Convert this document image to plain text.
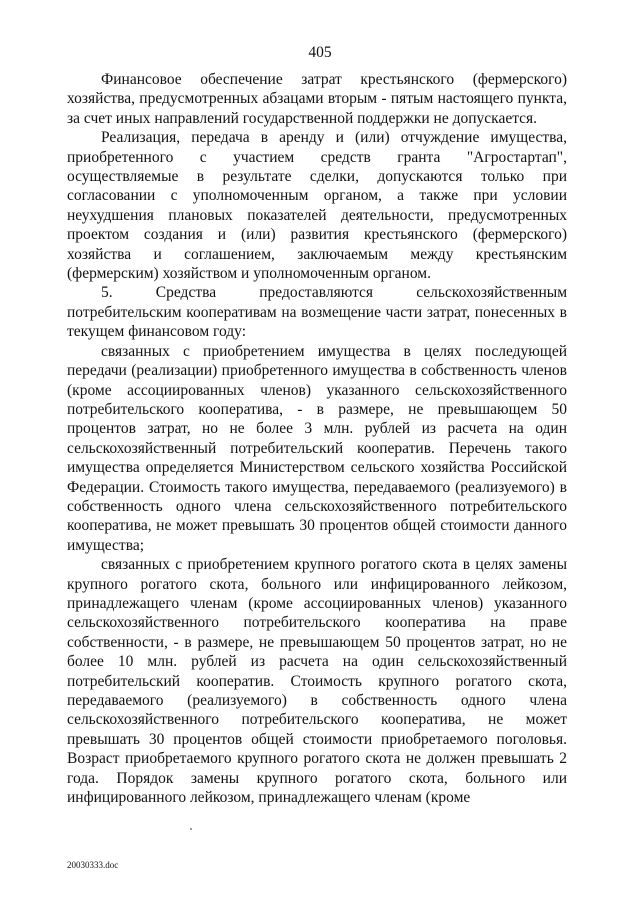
405

Финансовое обеспечение затрат крестьянского (фермерского) хозяйства, предусмотренных абзацами вторым - пятым настоящего пункта, за счет иных направлений государственной поддержки не допускается.

Реализация, передача в аренду и (или) отчуждение имущества, приобретенного с участием средств гранта "Агростартап", осуществляемые в результате сделки, допускаются только при согласовании с уполномоченным органом, а также при условии неухудшения плановых показателей деятельности, предусмотренных проектом создания и (или) развития крестьянского (фермерского) хозяйства и соглашением, заключаемым между крестьянским (фермерским) хозяйством и уполномоченным органом.

5. Средства предоставляются сельскохозяйственным потребительским кооперативам на возмещение части затрат, понесенных в текущем финансовом году:

связанных с приобретением имущества в целях последующей передачи (реализации) приобретенного имущества в собственность членов (кроме ассоциированных членов) указанного сельскохозяйственного потребительского кооператива, - в размере, не превышающем 50 процентов затрат, но не более 3 млн. рублей из расчета на один сельскохозяйственный потребительский кооператив. Перечень такого имущества определяется Министерством сельского хозяйства Российской Федерации. Стоимость такого имущества, передаваемого (реализуемого) в собственность одного члена сельскохозяйственного потребительского кооператива, не может превышать 30 процентов общей стоимости данного имущества;

связанных с приобретением крупного рогатого скота в целях замены крупного рогатого скота, больного или инфицированного лейкозом, принадлежащего членам (кроме ассоциированных членов) указанного сельскохозяйственного потребительского кооператива на праве собственности, - в размере, не превышающем 50 процентов затрат, но не более 10 млн. рублей из расчета на один сельскохозяйственный потребительский кооператив. Стоимость крупного рогатого скота, передаваемого (реализуемого) в собственность одного члена сельскохозяйственного потребительского кооператива, не может превышать 30 процентов общей стоимости приобретаемого поголовья. Возраст приобретаемого крупного рогатого скота не должен превышать 2 года. Порядок замены крупного рогатого скота, больного или инфицированного лейкозом, принадлежащего членам (кроме

20030333.doc
